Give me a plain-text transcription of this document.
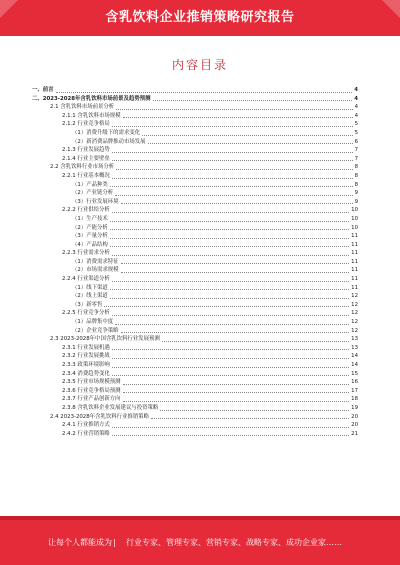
含乳饮料企业推销策略研究报告
内容目录
一、前言	4
二、2023-2028年含乳饮料市场前景及趋势预测	4
2.1 含乳饮料市场前景分析	4
2.1.1 含乳饮料市场规模	4
2.1.2 行业竞争格局	5
（1）消费升级下的需求变化	5
（2）新消费品牌推动市场发展	6
2.1.3 行业发展趋势	7
2.1.4 行业主要壁垒	7
2.2 含乳饮料行业市场分析	8
2.2.1 行业基本概况	8
（1）产品种类	8
（2）产业链分析	9
（3）行业发展环境	9
2.2.2 行业供给分析	10
（1）生产技术	10
（2）产能分析	10
（3）产量分析	11
（4）产品结构	11
2.2.3 行业需求分析	11
（1）消费需求特征	11
（2）市场需求规模	11
2.2.4 行业渠道分析	11
（1）线下渠道	11
（2）线上渠道	12
（3）新零售	12
2.2.5 行业竞争分析	12
（1）品牌集中度	12
（2）企业竞争策略	12
2.3 2023-2028年中国含乳饮料行业发展预测	13
2.3.1 行业发展机遇	13
2.3.2 行业发展挑战	14
2.3.3 政策环境影响	14
2.3.4 消费趋势变化	15
2.3.5 行业市场规模预测	16
2.3.6 行业竞争格局预测	17
2.3.7 行业产品创新方向	18
2.3.8 含乳饮料企业发展建议与投资策略	19
2.4 2023-2028年含乳饮料行业推销策略	20
2.4.1 行业推销方式	20
2.4.2 行业营销策略	21
让每个人都能成为 | 行业专家、管理专家、营销专家、战略专家、成功企业家……
